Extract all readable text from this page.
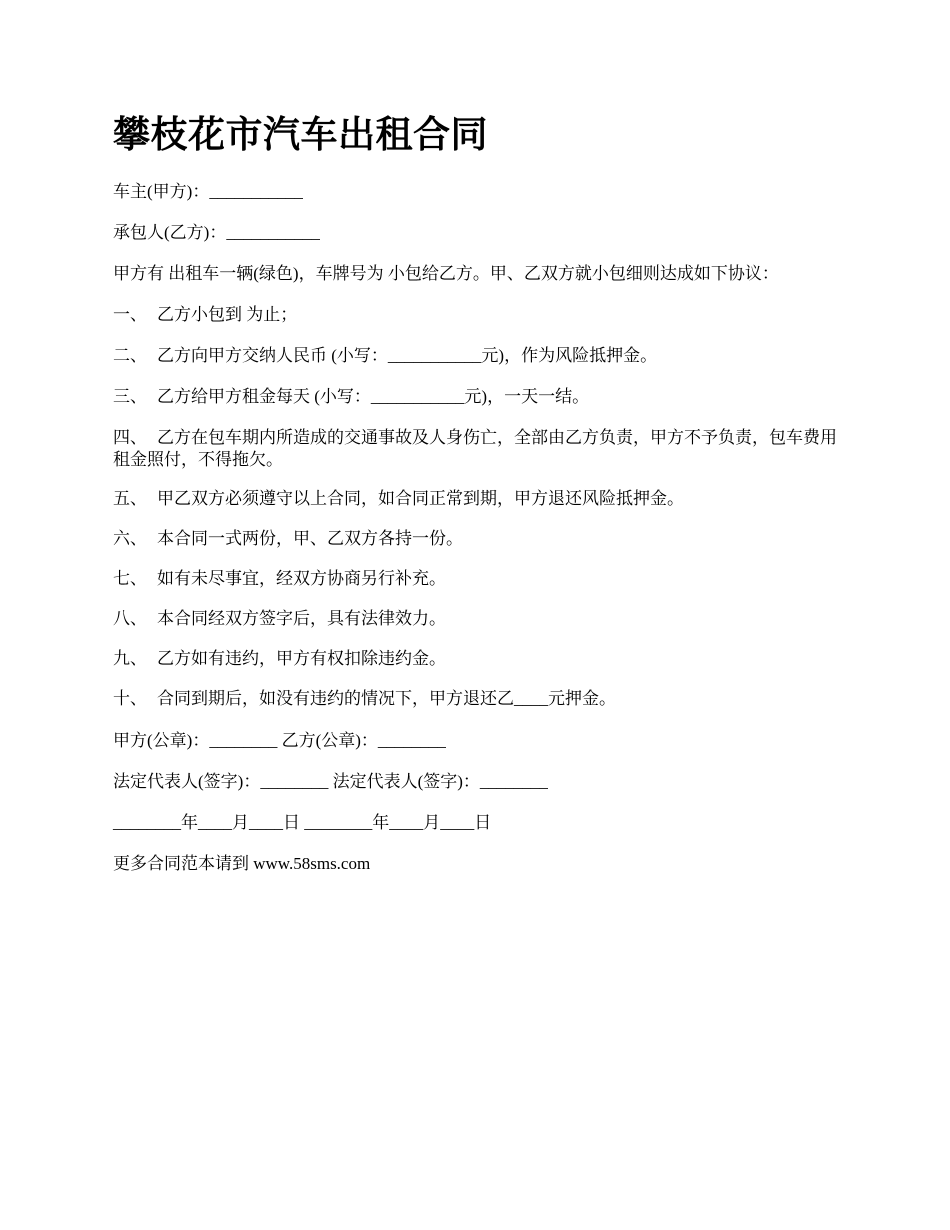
攀枝花市汽车出租合同

车主(甲方)：___________

承包人(乙方)：___________

甲方有 出租车一辆(绿色)，车牌号为 小包给乙方。甲、乙双方就小包细则达成如下协议：

一、 乙方小包到 为止；

二、 乙方向甲方交纳人民币 (小写：___________元)，作为风险抵押金。

三、 乙方给甲方租金每天 (小写：___________元)，一天一结。

四、 乙方在包车期内所造成的交通事故及人身伤亡，全部由乙方负责，甲方不予负责，包车费用租金照付，不得拖欠。

五、 甲乙双方必须遵守以上合同，如合同正常到期，甲方退还风险抵押金。

六、 本合同一式两份，甲、乙双方各持一份。

七、 如有未尽事宜，经双方协商另行补充。

八、 本合同经双方签字后，具有法律效力。

九、 乙方如有违约，甲方有权扣除违约金。

十、 合同到期后，如没有违约的情况下，甲方退还乙____元押金。

甲方(公章)：________ 乙方(公章)：________

法定代表人(签字)：________ 法定代表人(签字)：________

________年____月____日 ________年____月____日

更多合同范本请到 www.58sms.com
